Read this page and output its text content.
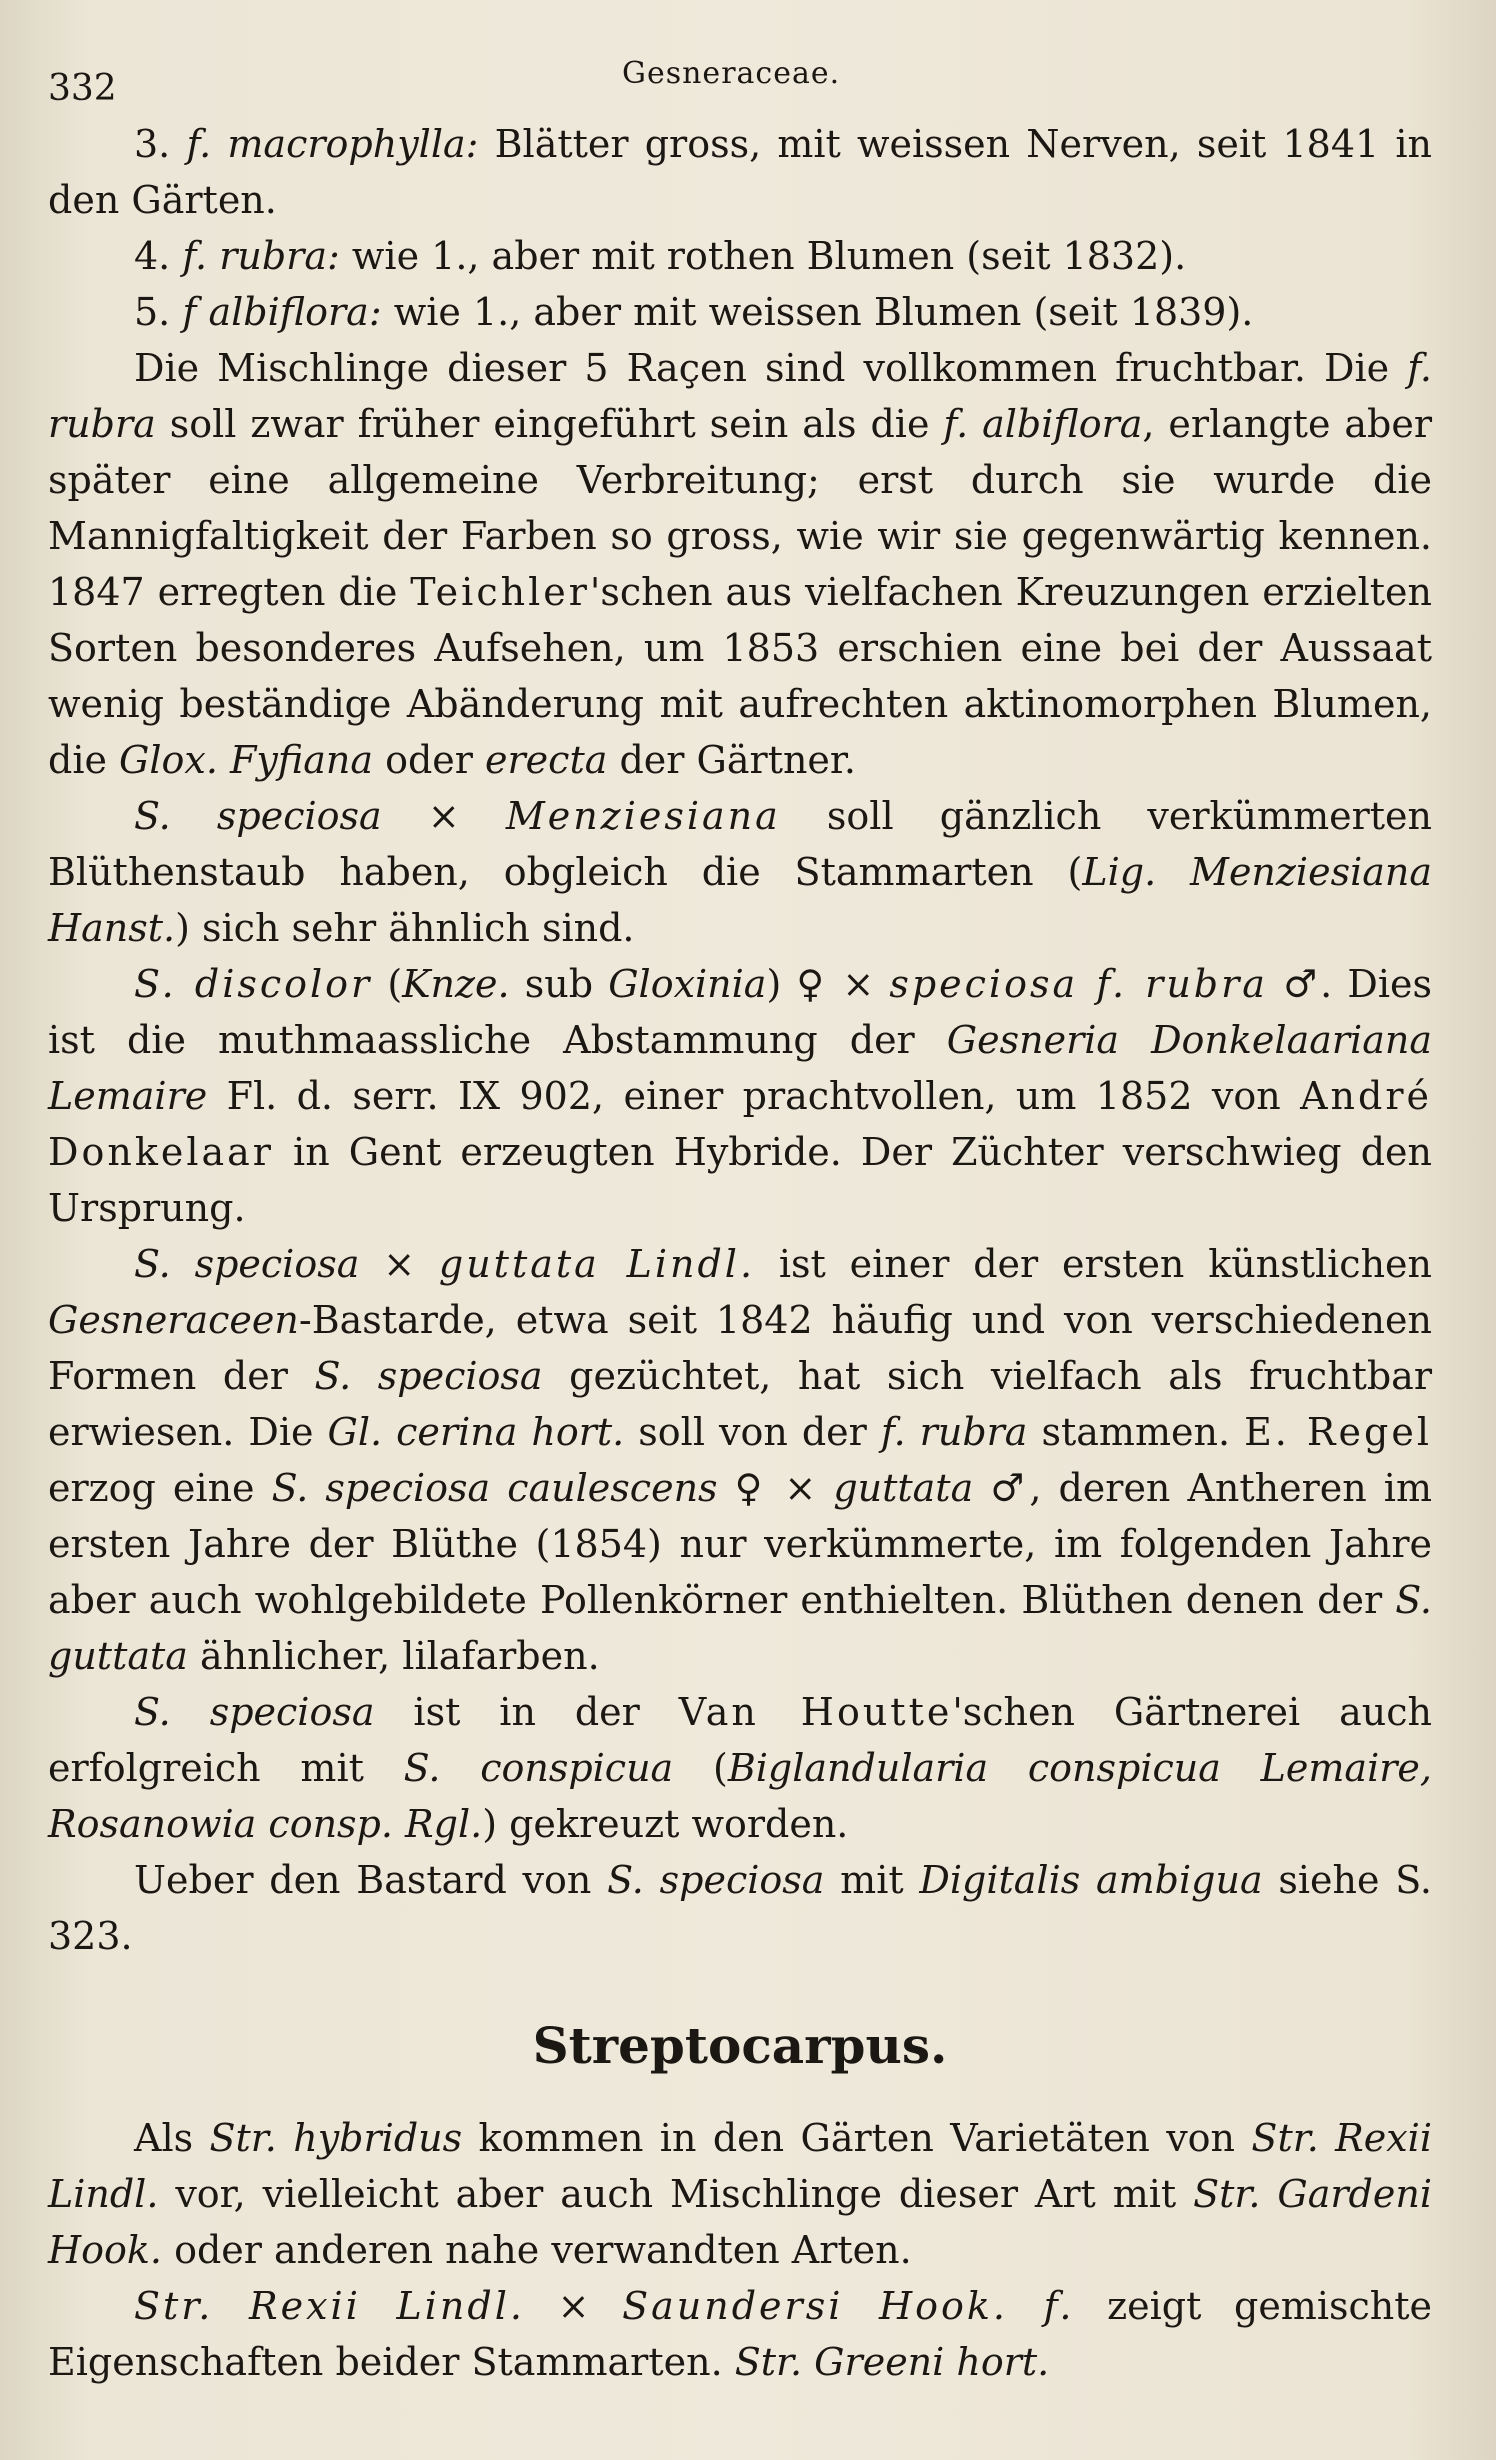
332	Gesneraceae.

3. f. macrophylla: Blätter gross, mit weissen Nerven, seit 1841 in den Gärten.

4. f. rubra: wie 1., aber mit rothen Blumen (seit 1832).

5. f albiflora: wie 1., aber mit weissen Blumen (seit 1839).

Die Mischlinge dieser 5 Raçen sind vollkommen fruchtbar. Die f. rubra soll zwar früher eingeführt sein als die f. albiflora, erlangte aber später eine allgemeine Verbreitung; erst durch sie wurde die Mannigfaltigkeit der Farben so gross, wie wir sie gegenwärtig kennen. 1847 erregten die Teichler'schen aus vielfachen Kreuzungen erzielten Sorten besonderes Aufsehen, um 1853 erschien eine bei der Aussaat wenig beständige Abänderung mit aufrechten aktinomorphen Blumen, die Glox. Fyfiana oder erecta der Gärtner.

S. speciosa × Menziesiana soll gänzlich verkümmerten Blüthenstaub haben, obgleich die Stammarten (Lig. Menziesiana Hanst.) sich sehr ähnlich sind.

S. discolor (Knze. sub Gloxinia) ♀ × speciosa f. rubra ♂. Dies ist die muthmaassliche Abstammung der Gesneria Donkelaariana Lemaire Fl. d. serr. IX 902, einer prachtvollen, um 1852 von André Donkelaar in Gent erzeugten Hybride. Der Züchter verschwieg den Ursprung.

S. speciosa × guttata Lindl. ist einer der ersten künstlichen Gesneraceen-Bastarde, etwa seit 1842 häufig und von verschiedenen Formen der S. speciosa gezüchtet, hat sich vielfach als fruchtbar erwiesen. Die Gl. cerina hort. soll von der f. rubra stammen. E. Regel erzog eine S. speciosa caulescens ♀ × guttata ♂, deren Antheren im ersten Jahre der Blüthe (1854) nur verkümmerte, im folgenden Jahre aber auch wohlgebildete Pollenkörner enthielten. Blüthen denen der S. guttata ähnlicher, lilafarben.

S. speciosa ist in der Van Houtte'schen Gärtnerei auch erfolgreich mit S. conspicua (Biglandularia conspicua Lemaire, Rosanowia consp. Rgl.) gekreuzt worden.

Ueber den Bastard von S. speciosa mit Digitalis ambigua siehe S. 323.

Streptocarpus.

Als Str. hybridus kommen in den Gärten Varietäten von Str. Rexii Lindl. vor, vielleicht aber auch Mischlinge dieser Art mit Str. Gardeni Hook. oder anderen nahe verwandten Arten.

Str. Rexii Lindl. × Saundersi Hook. f. zeigt gemischte Eigenschaften beider Stammarten. Str. Greeni hort.
